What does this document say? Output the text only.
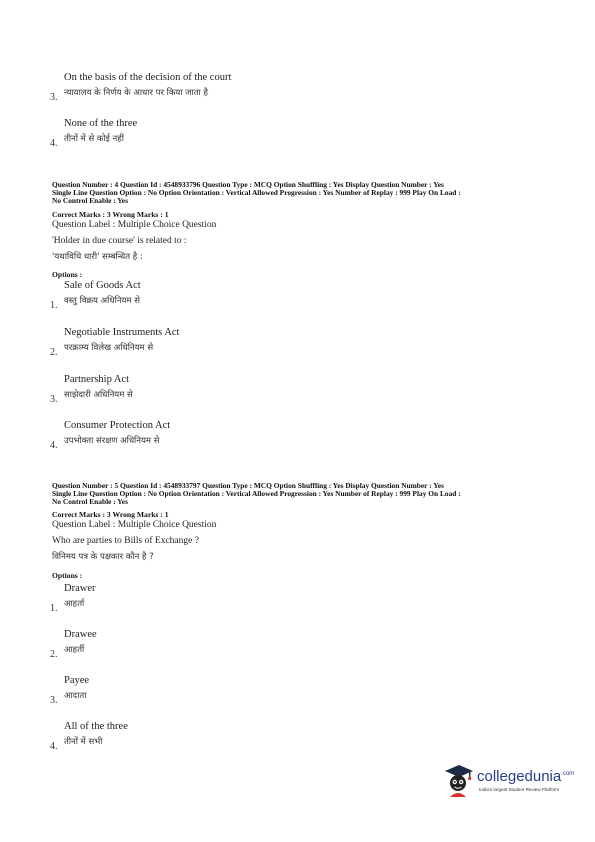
On the basis of the decision of the court
3. न्यायालय के निर्णय के आधार पर किया जाता है
None of the three
4. तीनों में से कोई नहीं
Question Number : 4 Question Id : 4548933796 Question Type : MCQ Option Shuffling : Yes Display Question Number : Yes
Single Line Question Option : No Option Orientation : Vertical Allowed Progression : Yes Number of Replay : 999 Play On Load :
No Control Enable : Yes
Correct Marks : 3 Wrong Marks : 1
Question Label : Multiple Choice Question
'Holder in due course' is related to :
'यथाविधि धारी' सम्बन्धित है :
Options :
Sale of Goods Act
1. वस्तु विक्रय अधिनियम से
Negotiable Instruments Act
2. परक्राम्य विलेख अधिनियम से
Partnership Act
3. साझेदारी अधिनियम से
Consumer Protection Act
4. उपभोक्ता संरक्षण अधिनियम से
Question Number : 5 Question Id : 4548933797 Question Type : MCQ Option Shuffling : Yes Display Question Number : Yes
Single Line Question Option : No Option Orientation : Vertical Allowed Progression : Yes Number of Replay : 999 Play On Load :
No Control Enable : Yes
Correct Marks : 3 Wrong Marks : 1
Question Label : Multiple Choice Question
Who are parties to Bills of Exchange ?
विनिमय पत्र के पक्षकार कौन है ?
Options :
Drawer
1. आहर्ता
Drawee
2. आहर्ती
Payee
3. आदाता
All of the three
4. तीनों में सभी
collegedunia$^{.com}$
India's largest Student Review Platform
